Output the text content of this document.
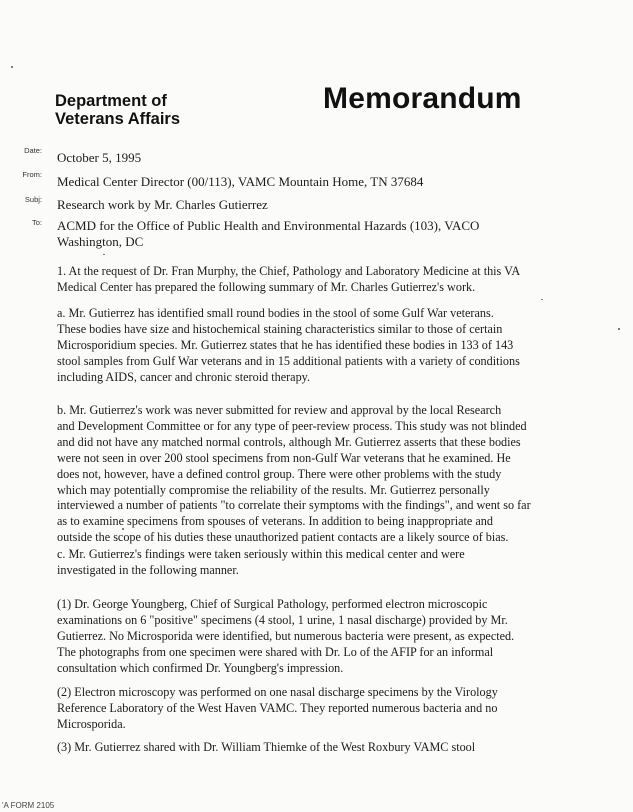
Department of
Veterans Affairs
Memorandum
Date: October 5, 1995
From: Medical Center Director (00/113), VAMC Mountain Home, TN 37684
Subj: Research work by Mr. Charles Gutierrez
To: ACMD for the Office of Public Health and Environmental Hazards (103), VACO
Washington, DC
1. At the request of Dr. Fran Murphy, the Chief, Pathology and Laboratory Medicine at this VA
Medical Center has prepared the following summary of Mr. Charles Gutierrez's work.
a. Mr. Gutierrez has identified small round bodies in the stool of some Gulf War veterans.
These bodies have size and histochemical staining characteristics similar to those of certain
Microsporidium species. Mr. Gutierrez states that he has identified these bodies in 133 of 143
stool samples from Gulf War veterans and in 15 additional patients with a variety of conditions
including AIDS, cancer and chronic steroid therapy.
b. Mr. Gutierrez's work was never submitted for review and approval by the local Research
and Development Committee or for any type of peer-review process. This study was not blinded
and did not have any matched normal controls, although Mr. Gutierrez asserts that these bodies
were not seen in over 200 stool specimens from non-Gulf War veterans that he examined. He
does not, however, have a defined control group. There were other problems with the study
which may potentially compromise the reliability of the results. Mr. Gutierrez personally
interviewed a number of patients "to correlate their symptoms with the findings", and went so far
as to examine specimens from spouses of veterans. In addition to being inappropriate and
outside the scope of his duties these unauthorized patient contacts are a likely source of bias.
c. Mr. Gutierrez's findings were taken seriously within this medical center and were
investigated in the following manner.
(1) Dr. George Youngberg, Chief of Surgical Pathology, performed electron microscopic
examinations on 6 "positive" specimens (4 stool, 1 urine, 1 nasal discharge) provided by Mr.
Gutierrez. No Microsporida were identified, but numerous bacteria were present, as expected.
The photographs from one specimen were shared with Dr. Lo of the AFIP for an informal
consultation which confirmed Dr. Youngberg's impression.
(2) Electron microscopy was performed on one nasal discharge specimens by the Virology
Reference Laboratory of the West Haven VAMC. They reported numerous bacteria and no
Microsporida.
(3) Mr. Gutierrez shared with Dr. William Thiemke of the West Roxbury VAMC stool
'A FORM 2105
